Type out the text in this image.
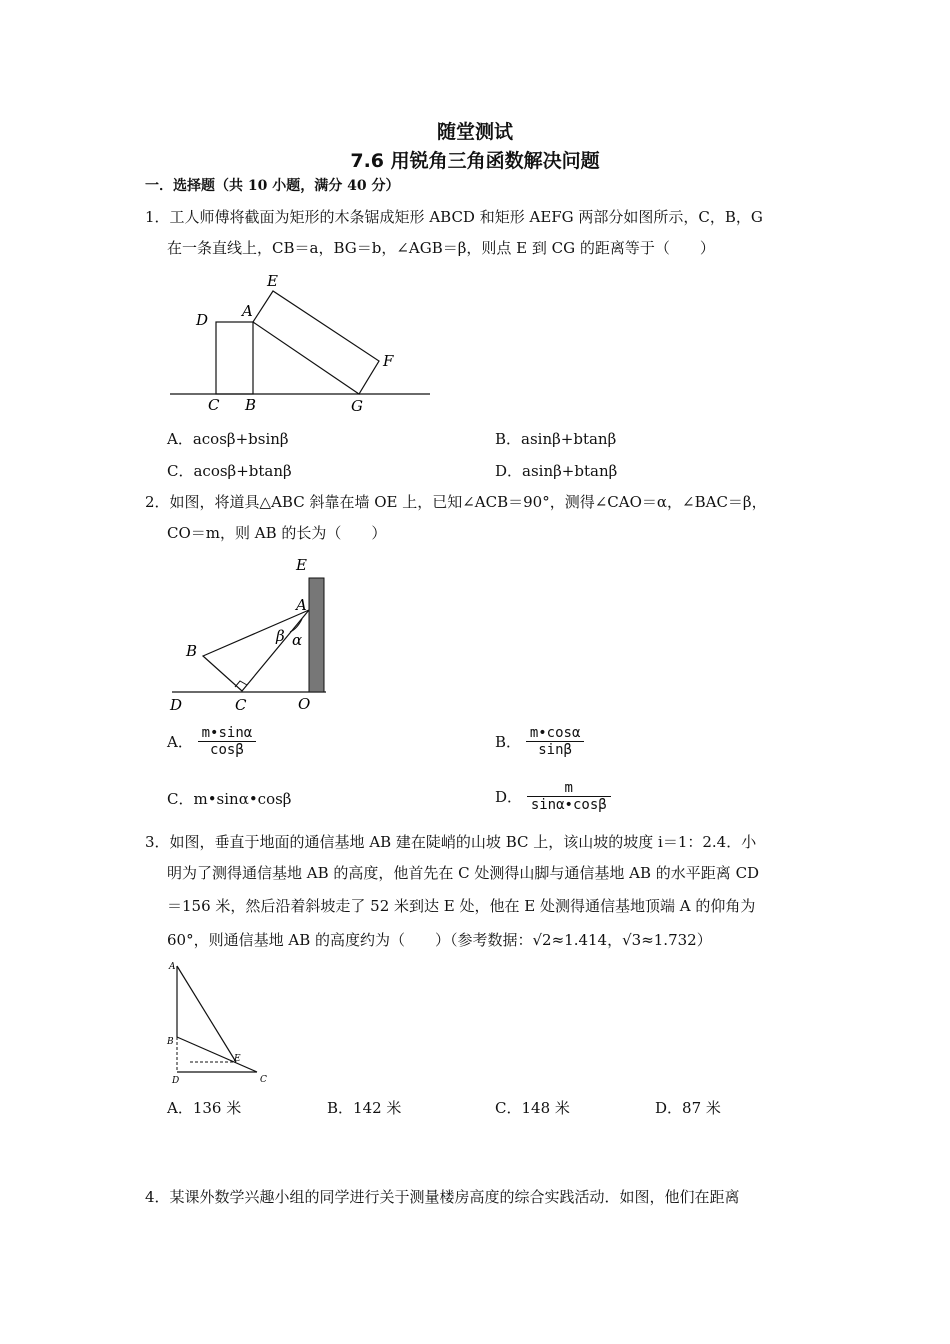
随堂测试
7.6 用锐角三角函数解决问题
一．选择题（共 10 小题，满分 40 分）
1．工人师傅将截面为矩形的木条锯成矩形 ABCD 和矩形 AEFG 两部分如图所示，C，B，G
在一条直线上，CB＝a，BG＝b，∠AGB＝β，则点 E 到 CG 的距离等于（　　）
E
D A
F
C B	G
A．acosβ+bsinβ	B．asinβ+btanβ
C．acosβ+btanβ	D．asinβ+btanβ
2．如图，将道具△ABC 斜靠在墙 OE 上，已知∠ACB＝90°，测得∠CAO＝α，∠BAC＝β，
CO＝m，则 AB 的长为（　　）
E
A
β α
B
C
D	O
A． $\frac{m•\sin\alpha}{\cos\beta}$	B． $\frac{m•\cos\alpha}{\sin\beta}$
C．m•sinα•cosβ	D． $\frac{m}{\sin\alpha•\cos\beta}$
3．如图，垂直于地面的通信基地 AB 建在陡峭的山坡 BC 上，该山坡的坡度 i＝1：2.4．小
明为了测得通信基地 AB 的高度，他首先在 C 处测得山脚与通信基地 AB 的水平距离 CD
＝156 米，然后沿着斜坡走了 52 米到达 E 处，他在 E 处测得通信基地顶端 A 的仰角为
60°，则通信基地 AB 的高度约为（　　）（参考数据：√2≈1.414，√3≈1.732）
A
B
E
D	C
A．136 米	B．142 米	C．148 米	D．87 米
4．某课外数学兴趣小组的同学进行关于测量楼房高度的综合实践活动．如图，他们在距离
